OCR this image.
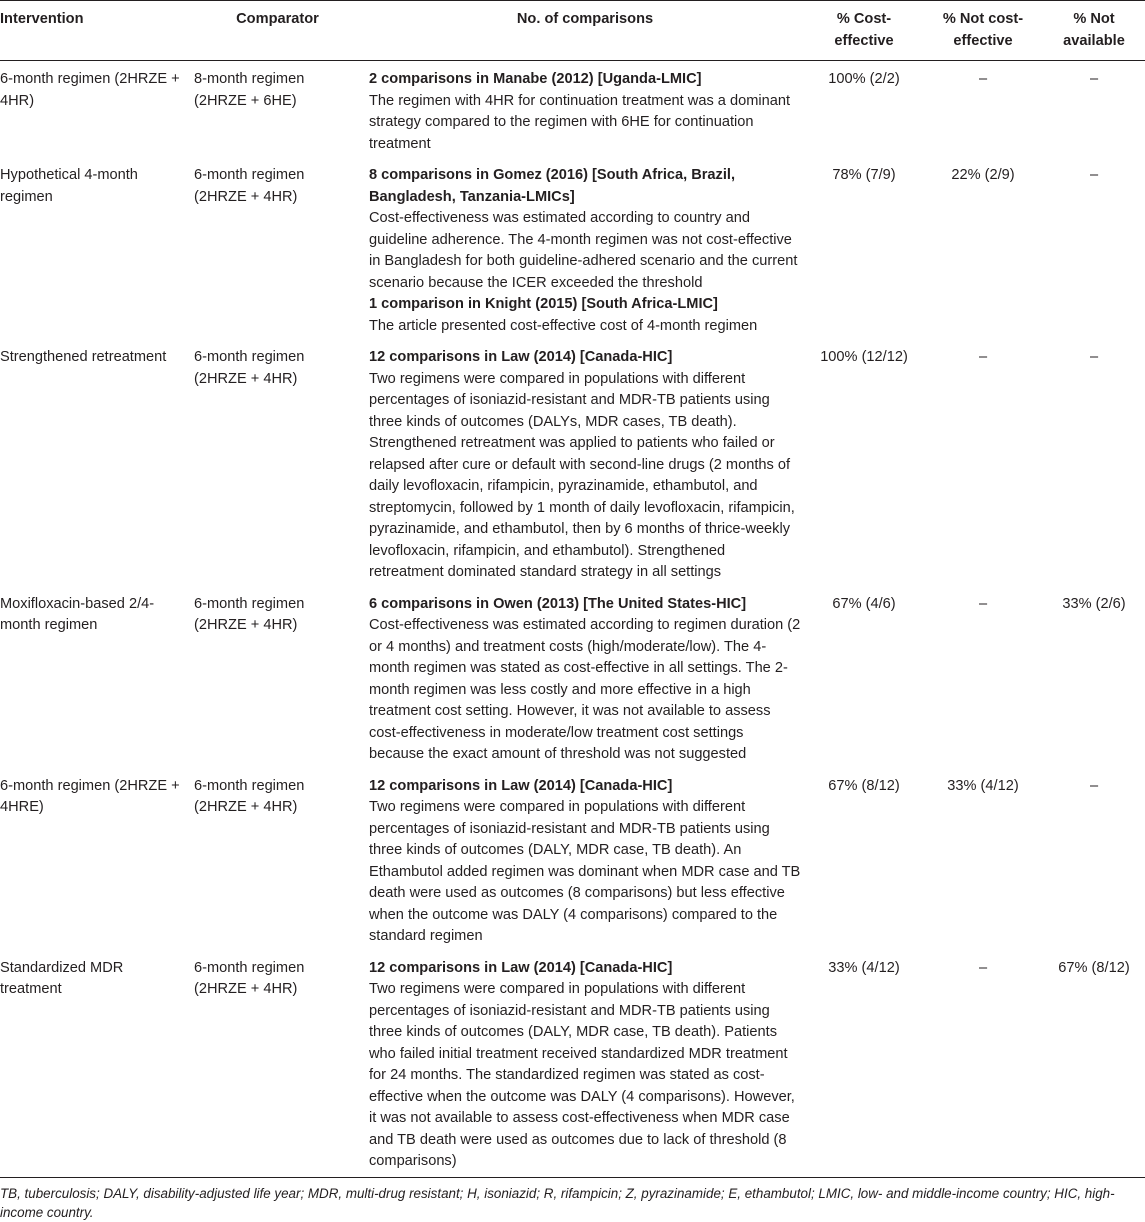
Intervention	Comparator	No. of comparisons	% Cost-effective	% Not cost-effective	% Not available
6-month regimen (2HRZE + 4HR)	8-month regimen (2HRZE + 6HE)	2 comparisons in Manabe (2012) [Uganda-LMIC]
The regimen with 4HR for continuation treatment was a dominant strategy compared to the regimen with 6HE for continuation treatment	100% (2/2)	–	–
Hypothetical 4-month regimen	6-month regimen (2HRZE + 4HR)	8 comparisons in Gomez (2016) [South Africa, Brazil, Bangladesh, Tanzania-LMICs]
Cost-effectiveness was estimated according to country and guideline adherence. The 4-month regimen was not cost-effective in Bangladesh for both guideline-adhered scenario and the current scenario because the ICER exceeded the threshold
1 comparison in Knight (2015) [South Africa-LMIC]
The article presented cost-effective cost of 4-month regimen	78% (7/9)	22% (2/9)	–
Strengthened retreatment	6-month regimen (2HRZE + 4HR)	12 comparisons in Law (2014) [Canada-HIC]
Two regimens were compared in populations with different percentages of isoniazid-resistant and MDR-TB patients using three kinds of outcomes (DALYs, MDR cases, TB death). Strengthened retreatment was applied to patients who failed or relapsed after cure or default with second-line drugs (2 months of daily levofloxacin, rifampicin, pyrazinamide, ethambutol, and streptomycin, followed by 1 month of daily levofloxacin, rifampicin, pyrazinamide, and ethambutol, then by 6 months of thrice-weekly levofloxacin, rifampicin, and ethambutol). Strengthened retreatment dominated standard strategy in all settings	100% (12/12)	–	–
Moxifloxacin-based 2/4-month regimen	6-month regimen (2HRZE + 4HR)	6 comparisons in Owen (2013) [The United States-HIC]
Cost-effectiveness was estimated according to regimen duration (2 or 4 months) and treatment costs (high/moderate/low). The 4-month regimen was stated as cost-effective in all settings. The 2-month regimen was less costly and more effective in a high treatment cost setting. However, it was not available to assess cost-effectiveness in moderate/low treatment cost settings because the exact amount of threshold was not suggested	67% (4/6)	–	33% (2/6)
6-month regimen (2HRZE + 4HRE)	6-month regimen (2HRZE + 4HR)	12 comparisons in Law (2014) [Canada-HIC]
Two regimens were compared in populations with different percentages of isoniazid-resistant and MDR-TB patients using three kinds of outcomes (DALY, MDR case, TB death). An Ethambutol added regimen was dominant when MDR case and TB death were used as outcomes (8 comparisons) but less effective when the outcome was DALY (4 comparisons) compared to the standard regimen	67% (8/12)	33% (4/12)	–
Standardized MDR treatment	6-month regimen (2HRZE + 4HR)	12 comparisons in Law (2014) [Canada-HIC]
Two regimens were compared in populations with different percentages of isoniazid-resistant and MDR-TB patients using three kinds of outcomes (DALY, MDR case, TB death). Patients who failed initial treatment received standardized MDR treatment for 24 months. The standardized regimen was stated as cost-effective when the outcome was DALY (4 comparisons). However, it was not available to assess cost-effectiveness when MDR case and TB death were used as outcomes due to lack of threshold (8 comparisons)	33% (4/12)	–	67% (8/12)
TB, tuberculosis; DALY, disability-adjusted life year; MDR, multi-drug resistant; H, isoniazid; R, rifampicin; Z, pyrazinamide; E, ethambutol; LMIC, low- and middle-income country; HIC, high-income country.
